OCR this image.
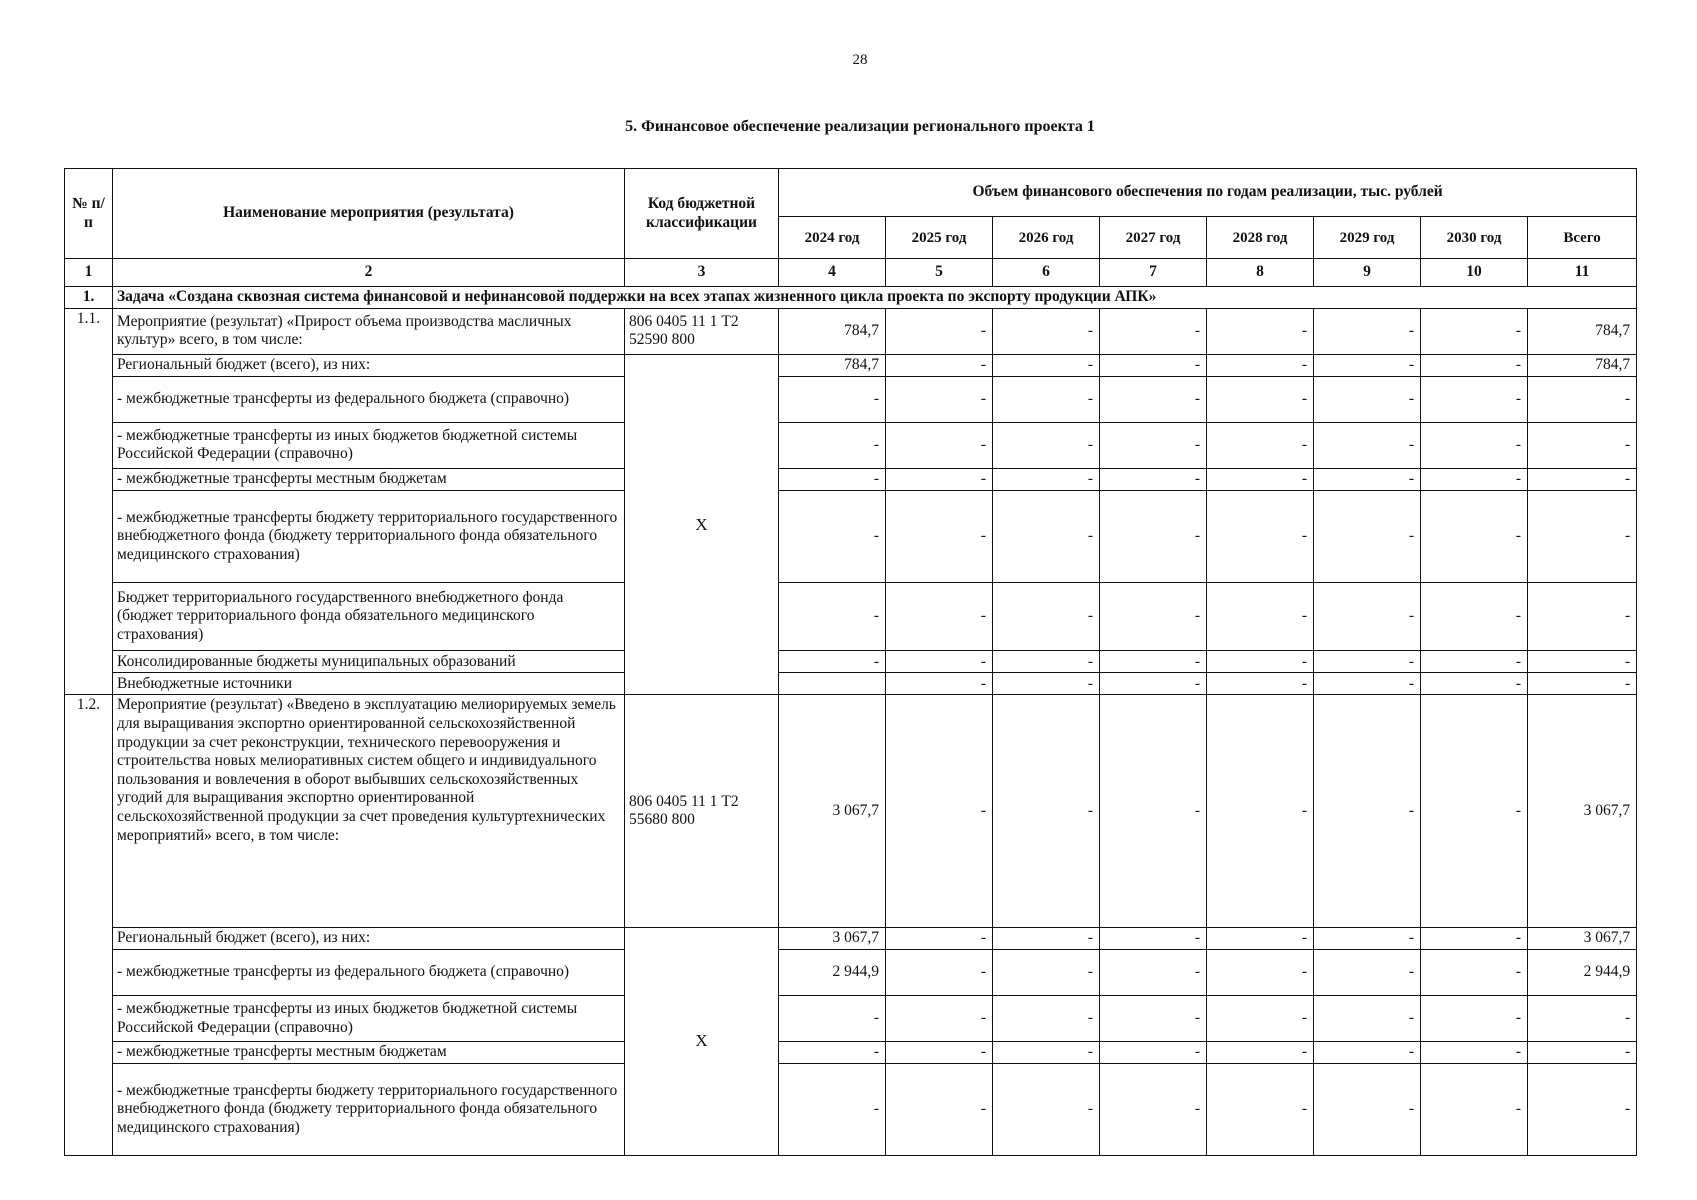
28
5. Финансовое обеспечение реализации регионального проекта 1
№ п/п	Наименование мероприятия (результата)	Код бюджетной классификации	Объем финансового обеспечения по годам реализации, тыс. рублей							
			2024 год	2025 год	2026 год	2027 год	2028 год	2029 год	2030 год	Всего
1	2	3	4	5	6	7	8	9	10	11
1.	Задача «Создана сквозная система финансовой и нефинансовой поддержки на всех этапах жизненного цикла проекта по экспорту продукции АПК»									
1.1.	Мероприятие (результат) «Прирост объема производства масличных культур» всего, в том числе:	806 0405 11 1 Т2 52590 800	784,7	-	-	-	-	-	-	784,7
	Региональный бюджет (всего), из них:	Х	784,7	-	-	-	-	-	-	784,7
	- межбюджетные трансферты из федерального бюджета (справочно)		-	-	-	-	-	-	-	-
	- межбюджетные трансферты из иных бюджетов бюджетной системы Российской Федерации (справочно)		-	-	-	-	-	-	-	-
	- межбюджетные трансферты местным бюджетам		-	-	-	-	-	-	-	-
	- межбюджетные трансферты бюджету территориального государственного внебюджетного фонда (бюджету территориального фонда обязательного медицинского страхования)		-	-	-	-	-	-	-	-
	Бюджет территориального государственного внебюджетного фонда (бюджет территориального фонда обязательного медицинского страхования)		-	-	-	-	-	-	-	-
	Консолидированные бюджеты муниципальных образований		-	-	-	-	-	-	-	-
	Внебюджетные источники			-	-	-	-	-	-	-
1.2.	Мероприятие (результат) «Введено в эксплуатацию мелиорируемых земель для выращивания экспортно ориентированной сельскохозяйственной продукции за счет реконструкции, технического перевооружения и строительства новых мелиоративных систем общего и индивидуального пользования и вовлечения в оборот выбывших сельскохозяйственных угодий для выращивания экспортно ориентированной сельскохозяйственной продукции за счет проведения культуртехнических мероприятий» всего, в том числе:	806 0405 11 1 Т2 55680 800	3 067,7	-	-	-	-	-	-	3 067,7
	Региональный бюджет (всего), из них:	Х	3 067,7	-	-	-	-	-	-	3 067,7
	- межбюджетные трансферты из федерального бюджета (справочно)		2 944,9	-	-	-	-	-	-	2 944,9
	- межбюджетные трансферты из иных бюджетов бюджетной системы Российской Федерации (справочно)		-	-	-	-	-	-	-	-
	- межбюджетные трансферты местным бюджетам		-	-	-	-	-	-	-	-
	- межбюджетные трансферты бюджету территориального государственного внебюджетного фонда (бюджету территориального фонда обязательного медицинского страхования)		-	-	-	-	-	-	-	-
